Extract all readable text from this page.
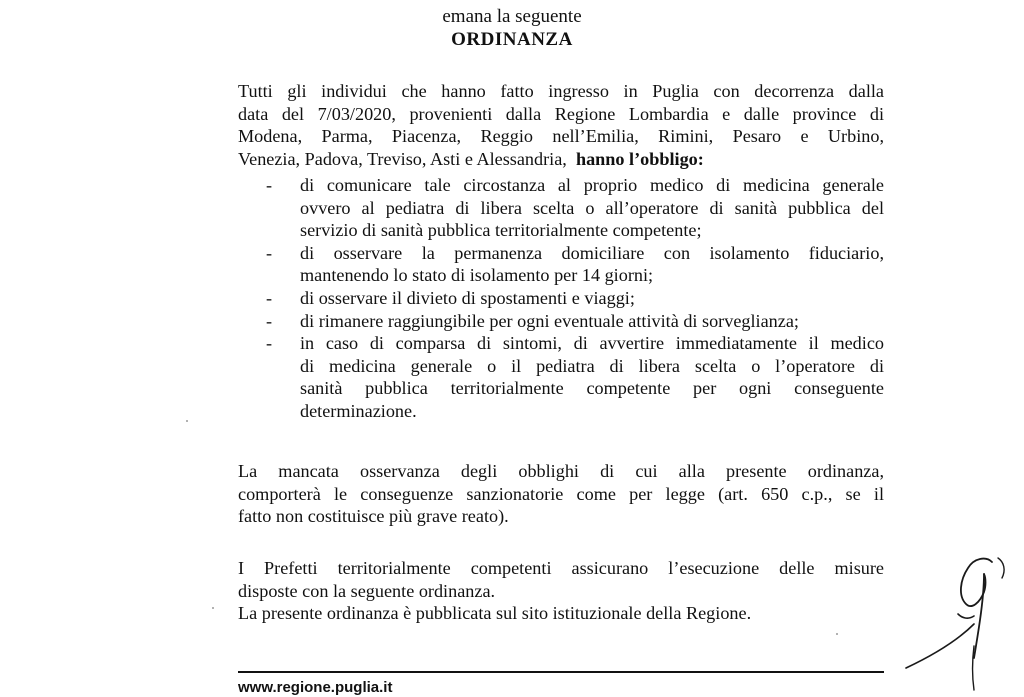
emana la seguente
ORDINANZA
Tutti gli individui che hanno fatto ingresso in Puglia con decorrenza dalla
data del 7/03/2020, provenienti dalla Regione Lombardia e dalle province di
Modena, Parma, Piacenza, Reggio nell’Emilia, Rimini, Pesaro e Urbino,
Venezia, Padova, Treviso, Asti e Alessandria, hanno l’obbligo:
- di comunicare tale circostanza al proprio medico di medicina generale
ovvero al pediatra di libera scelta o all’operatore di sanità pubblica del
servizio di sanità pubblica territorialmente competente;
- di osservare la permanenza domiciliare con isolamento fiduciario,
mantenendo lo stato di isolamento per 14 giorni;
- di osservare il divieto di spostamenti e viaggi;
- di rimanere raggiungibile per ogni eventuale attività di sorveglianza;
- in caso di comparsa di sintomi, di avvertire immediatamente il medico
di medicina generale o il pediatra di libera scelta o l’operatore di
sanità pubblica territorialmente competente per ogni conseguente
determinazione.
La mancata osservanza degli obblighi di cui alla presente ordinanza,
comporterà le conseguenze sanzionatorie come per legge (art. 650 c.p., se il
fatto non costituisce più grave reato).
I Prefetti territorialmente competenti assicurano l’esecuzione delle misure
disposte con la seguente ordinanza.
La presente ordinanza è pubblicata sul sito istituzionale della Regione.
www.regione.puglia.it
